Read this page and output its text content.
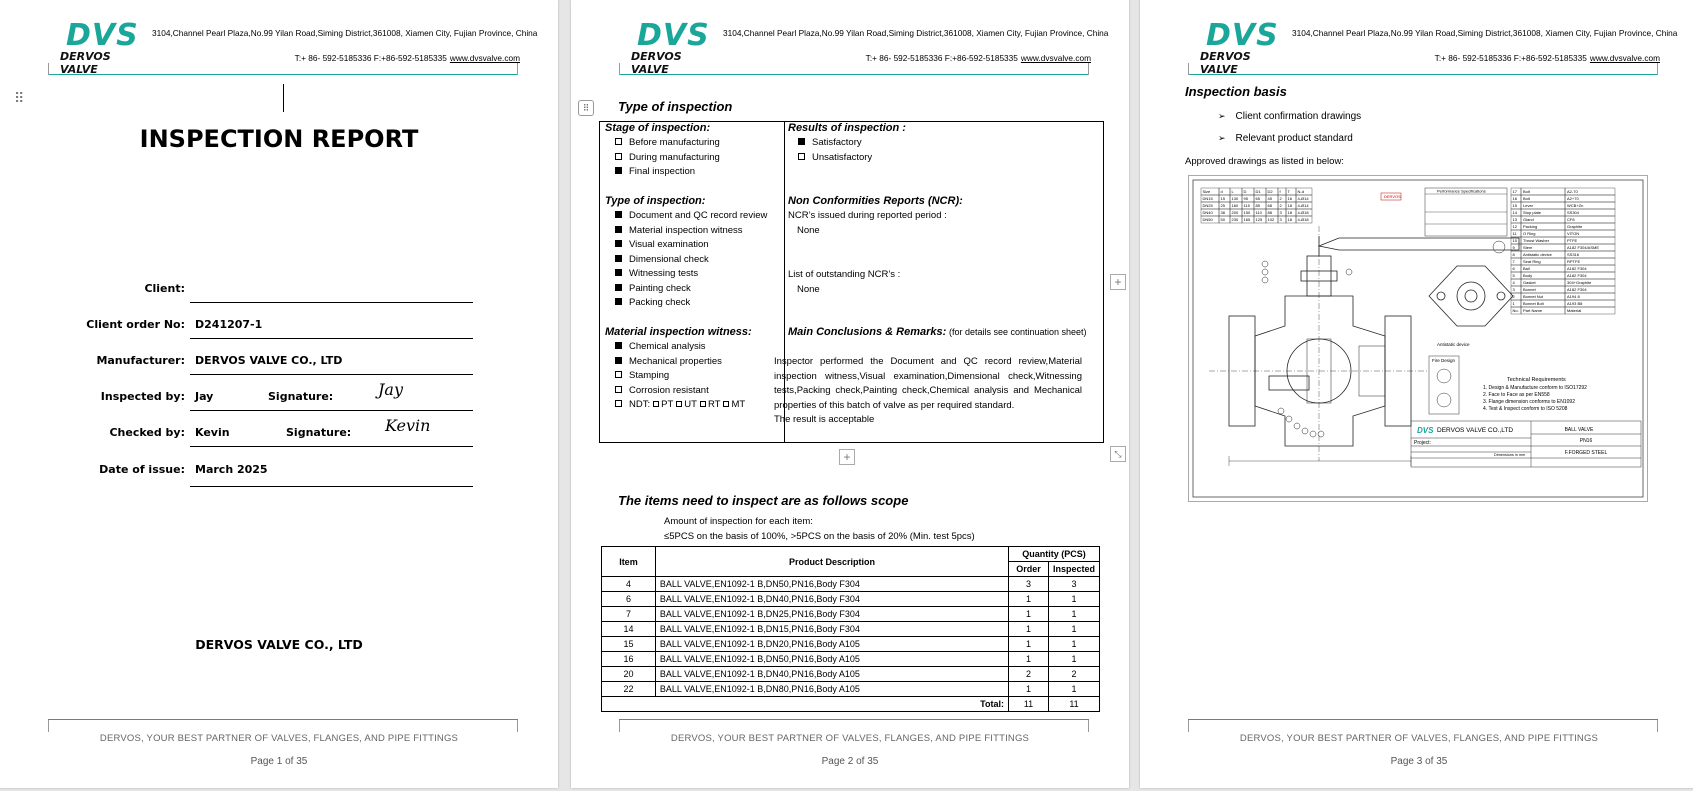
DVS
DERVOS VALVE
3104,Channel Pearl Plaza,No.99 Yilan Road,Siming District,361008, Xiamen City, Fujian Province, China
T:+ 86- 592-5185336 F:+86-592-5185335 www.dvsvalve.com
⠿
INSPECTION REPORT
Client:
Client order No: D241207-1
Manufacturer: DERVOS VALVE CO., LTD
Inspected by: Jay	Signature:	Jay
Checked by: Kevin	Signature: Kevin
Date of issue: March 2025
DERVOS VALVE CO., LTD
DERVOS, YOUR BEST PARTNER OF VALVES, FLANGES, AND PIPE FITTINGS
Page 1 of 35
DVS
DERVOS VALVE
3104,Channel Pearl Plaza,No.99 Yilan Road,Siming District,361008, Xiamen City, Fujian Province, China
T:+ 86- 592-5185336 F:+86-592-5185335 www.dvsvalve.com
⠿	Type of inspection
Stage of inspection:
Before manufacturing
During manufacturing
Final inspection
Type of inspection:
Document and QC record review
Material inspection witness
Visual examination
Dimensional check
Witnessing tests
Painting check
Packing check
Material inspection witness:
Chemical analysis
Mechanical properties
Stamping
Corrosion resistant
NDT: PT UT RT MT
Results of inspection :
Satisfactory
Unsatisfactory
Non Conformities Reports (NCR):
NCR’s issued during reported period :
None
List of outstanding NCR’s :
None
Main Conclusions & Remarks: (for details see continuation sheet)
Inspector performed the Document and QC record review,Material inspection witness,Visual examination,Dimensional check,Witnessing tests,Packing check,Painting check,Chemical analysis and Mechanical properties of this batch of valve as per required standard.
The result is acceptable
+
+
⤡
The items need to inspect are as follows scope
Amount of inspection for each item:
≤5PCS on the basis of 100%, >5PCS on the basis of 20% (Min. test 5pcs)
Item	Product Description	Quantity (PCS)	
		Order	Inspected
4	BALL VALVE,EN1092-1 B,DN50,PN16,Body F304	3	3
6	BALL VALVE,EN1092-1 B,DN40,PN16,Body F304	1	1
7	BALL VALVE,EN1092-1 B,DN25,PN16,Body F304	1	1
14	BALL VALVE,EN1092-1 B,DN15,PN16,Body F304	1	1
15	BALL VALVE,EN1092-1 B,DN20,PN16,Body A105	1	1
16	BALL VALVE,EN1092-1 B,DN50,PN16,Body A105	1	1
20	BALL VALVE,EN1092-1 B,DN40,PN16,Body A105	2	2
22	BALL VALVE,EN1092-1 B,DN80,PN16,Body A105	1	1
Total:		11	11
DERVOS, YOUR BEST PARTNER OF VALVES, FLANGES, AND PIPE FITTINGS
Page 2 of 35
DVS
DERVOS VALVE
3104,Channel Pearl Plaza,No.99 Yilan Road,Siming District,361008, Xiamen City, Fujian Province, China
T:+ 86- 592-5185336 F:+86-592-5185335 www.dvsvalve.com
Inspection basis
➢ Client confirmation drawings
➢ Relevant product standard
Approved drawings as listed in below:
Size	d L D D1 D2 f T N-d
DN15 15 130 95 65 45 2 16 4-Ø14
DN25 25 160 115 85 68 2 18 4-Ø14
DN40 38 200 150 110 88 3 18 4-Ø18
DN50 50 230 165 125 102 3 18 4-Ø18
DERVOS
Performance Specifications
Antistatic device
Fire Design
Technical Requirements
1. Design & Manufacture conform to ISO17292
2. Face to Face as per EN558
3. Flange dimension conforms to EN1092
4. Test & Inspect conform to ISO 5208
17 Bolt	A2-70
16 Bolt	A2+70
15 Lever	WCB+Zn
14 Stop plate	SS304
13 Gland	CF8
12 Packing	Graphite
11 O Ring	VITON
10 Thrust Washer	PTFE
9 Stem	A182 F304/ASME
8 Antistatic device	SS316
7 Seat Ring	RPTFE
6 Ball	A182 F304
5 Body	A182 F304
4 Gasket	304+Graphite
3 Bonnet	A182 F304
2 Bonnet Nut	A194 8
1 Bonnet Bolt	A193 B8
No. Part Name	Material
DVS DERVOS VALVE CO.,LTD
Project:
Dimensions in mm
BALL VALVE
PN16
F.FORGED STEEL
DERVOS, YOUR BEST PARTNER OF VALVES, FLANGES, AND PIPE FITTINGS
Page 3 of 35
